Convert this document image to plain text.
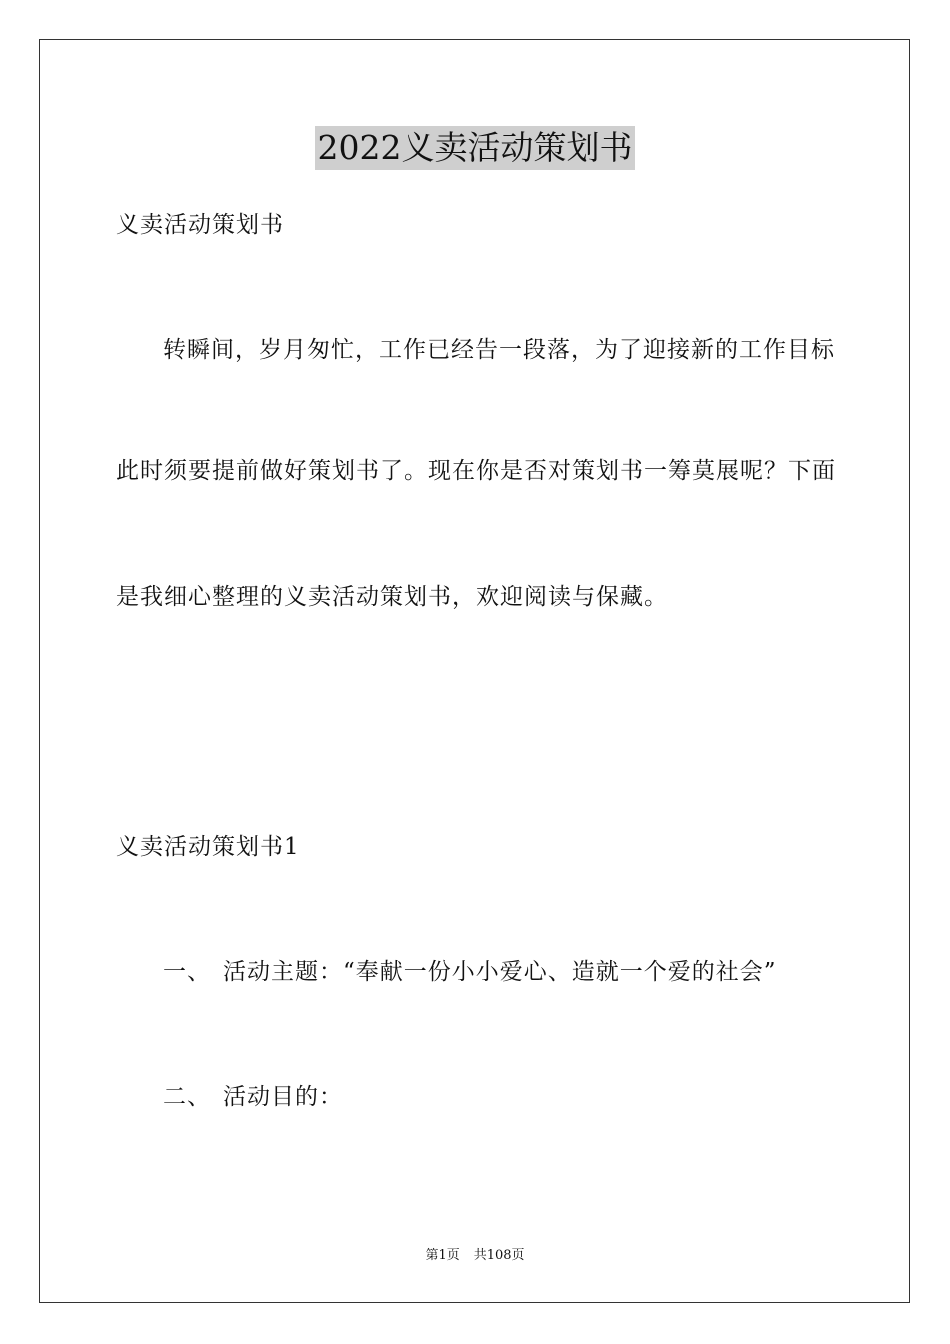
2022义卖活动策划书
义卖活动策划书
转瞬间，岁月匆忙，工作已经告一段落，为了迎接新的工作目标
此时须要提前做好策划书了。现在你是否对策划书一筹莫展呢？下面
是我细心整理的义卖活动策划书，欢迎阅读与保藏。
义卖活动策划书1
一、 活动主题：“奉献一份小小爱心、造就一个爱的社会”
二、 活动目的：
第1页 共108页
